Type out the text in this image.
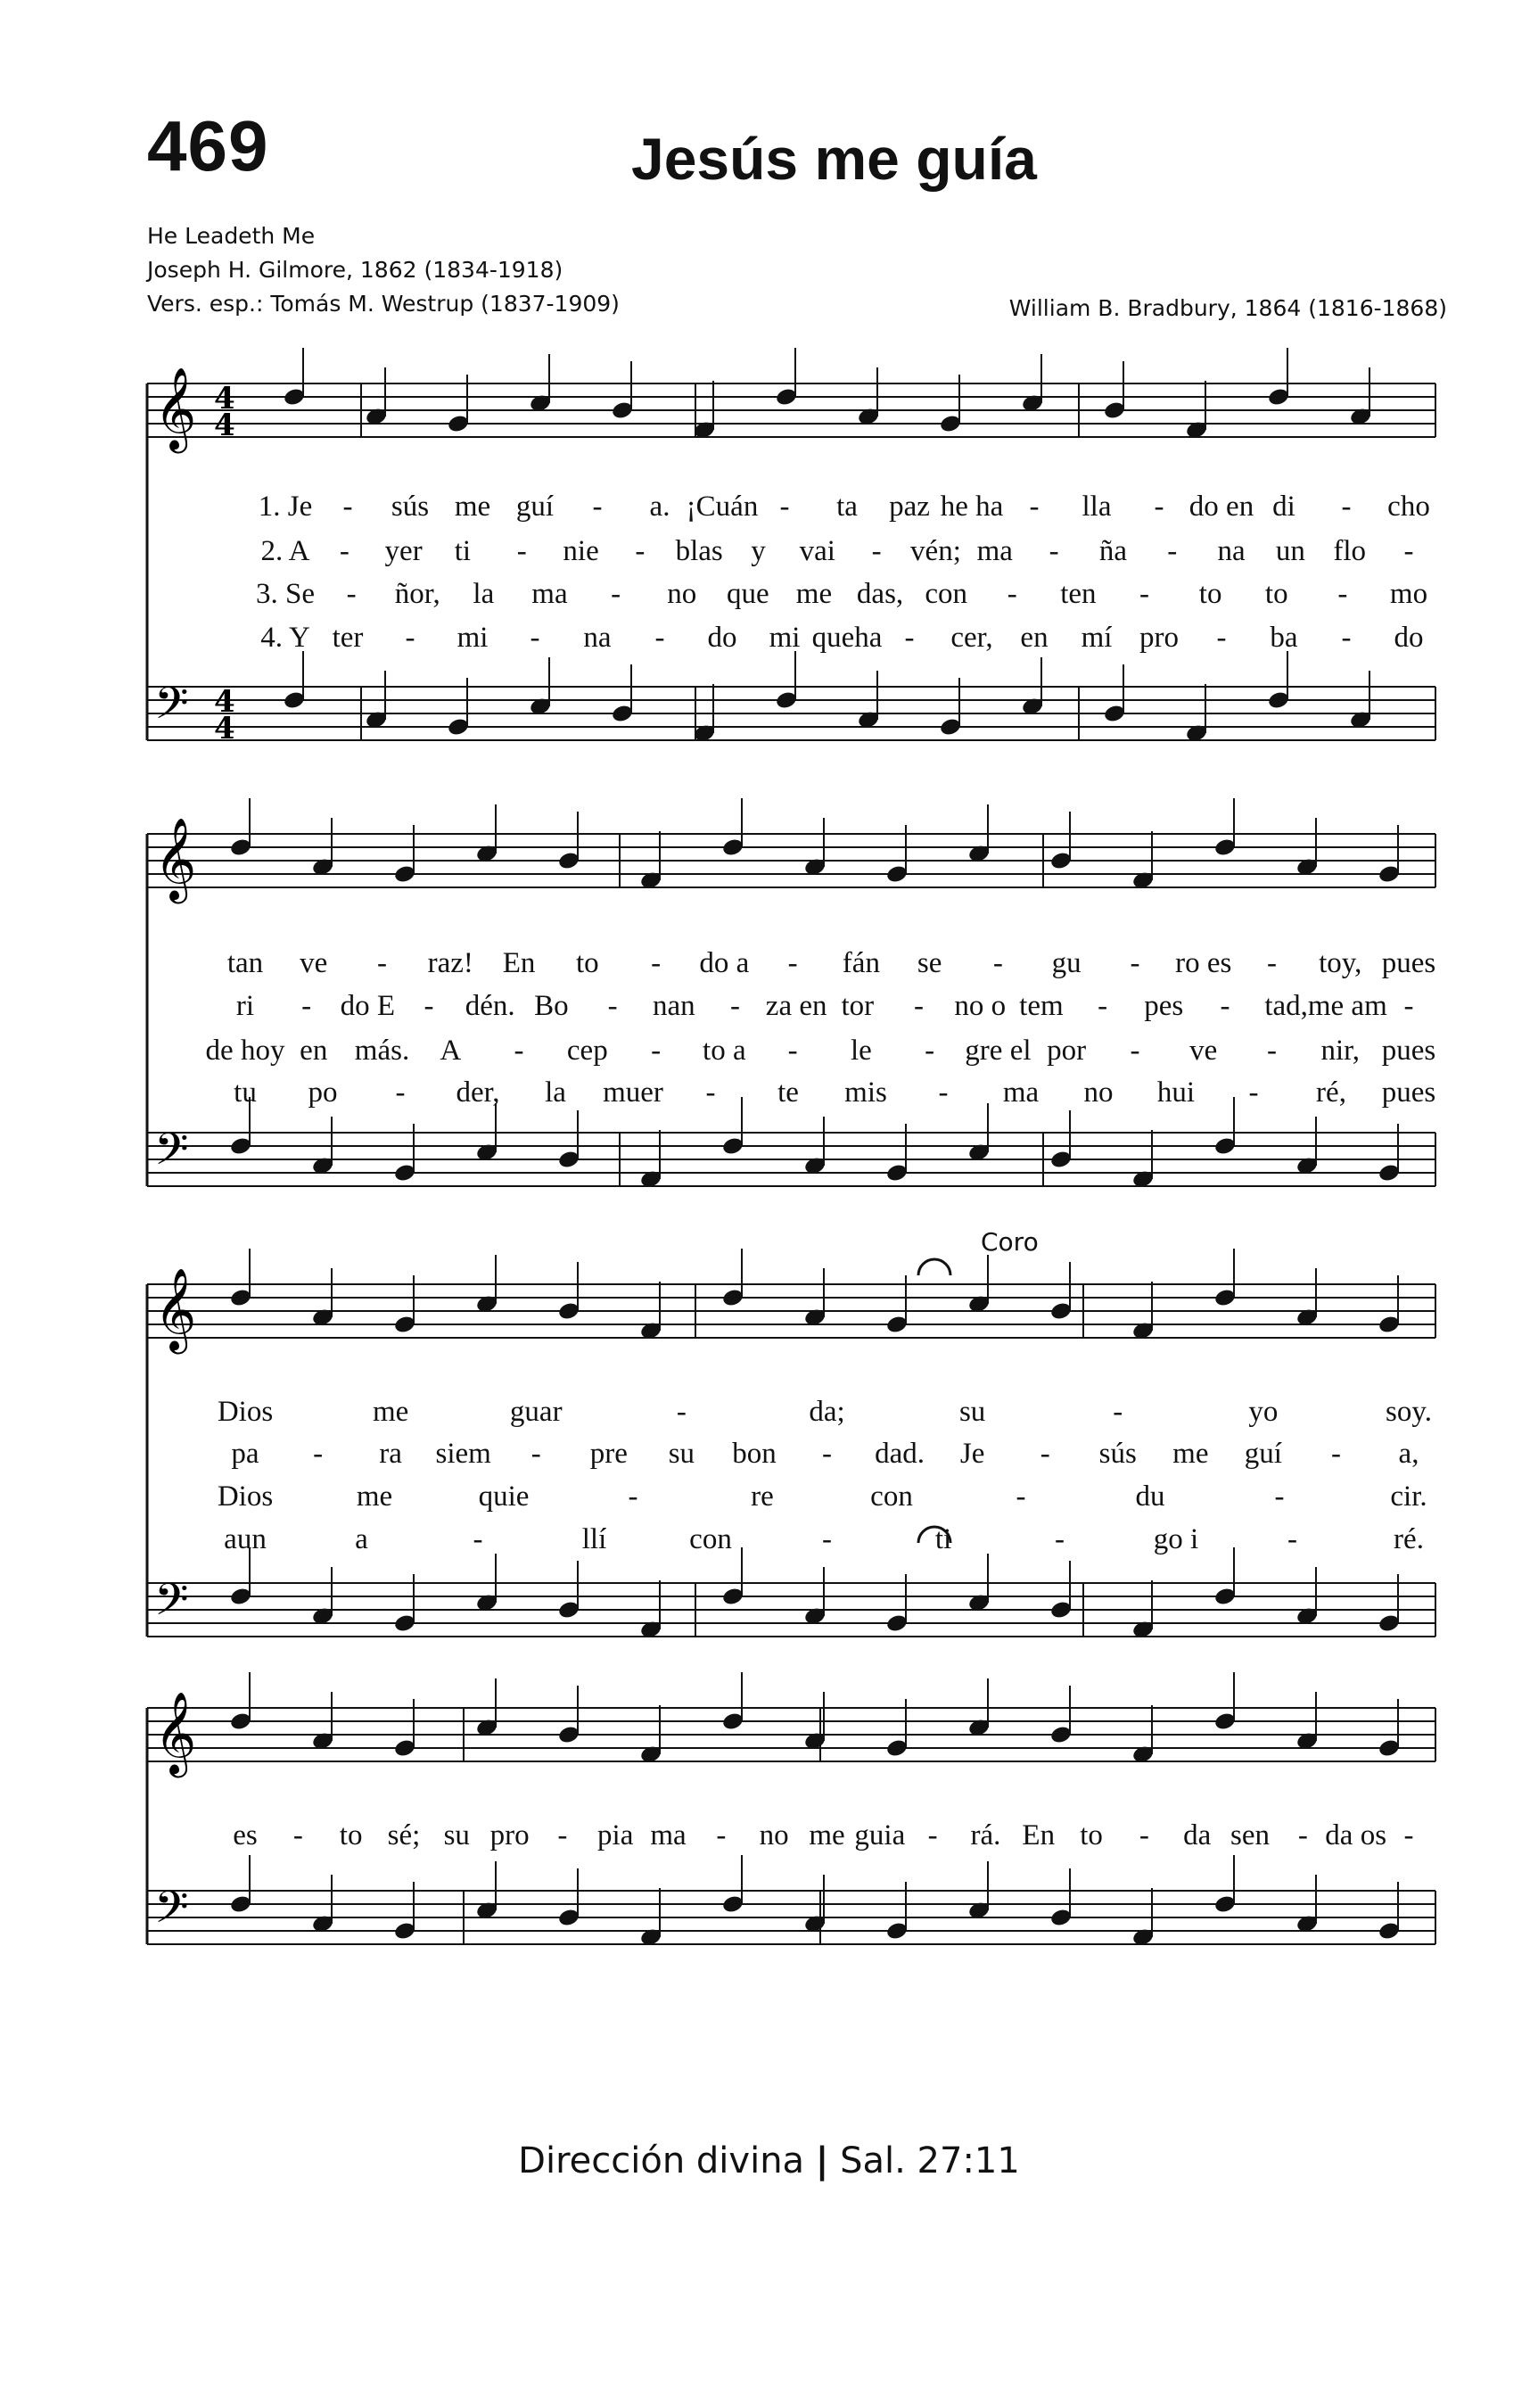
469	Jesús me guía
He Leadeth Me
Joseph H. Gilmore, 1862 (1834-1918)
Vers. esp.: Tomás M. Westrup (1837-1909)	William B. Bradbury, 1864 (1816-1868)
𝄞
𝄢
4
4
4
4
𝄞
𝄢
𝄞
𝄢
𝄞
𝄢
1. Je - sús me guí - a. ¡Cuán - ta paz he ha - lla - do en di - cho
2. A - yer ti - nie - blas y vai - vén; ma - ña - na un flo -
3. Se - ñor, la ma - no que me das, con - ten - to to - mo
4. Y ter - mi - na - do mi queha - cer, en mí pro - ba - do
tan ve - raz! En to - do a - fán se - gu - ro es - toy, pues
ri - do E - dén. Bo - nan - za en tor - no o tem - pes - tad, me am -
de hoy en más. A - cep - to a - le - gre el por - ve - nir, pues
tu po - der, la muer - te mis - ma no hui - ré, pues
Dios	me	guar	-	da;	su	-	yo	soy.
pa - ra siem - pre su bon - dad. Je - sús me guí - a,
Dios	me	quie	-	re	con	-	du	-	cir.
aun	a	-	llí	con	-	ti	-	go i	-	ré.
es - to sé; su pro - pia ma - no me guia - rá. En to - da sen - da os -
Coro
Dirección divina | Sal. 27:11
